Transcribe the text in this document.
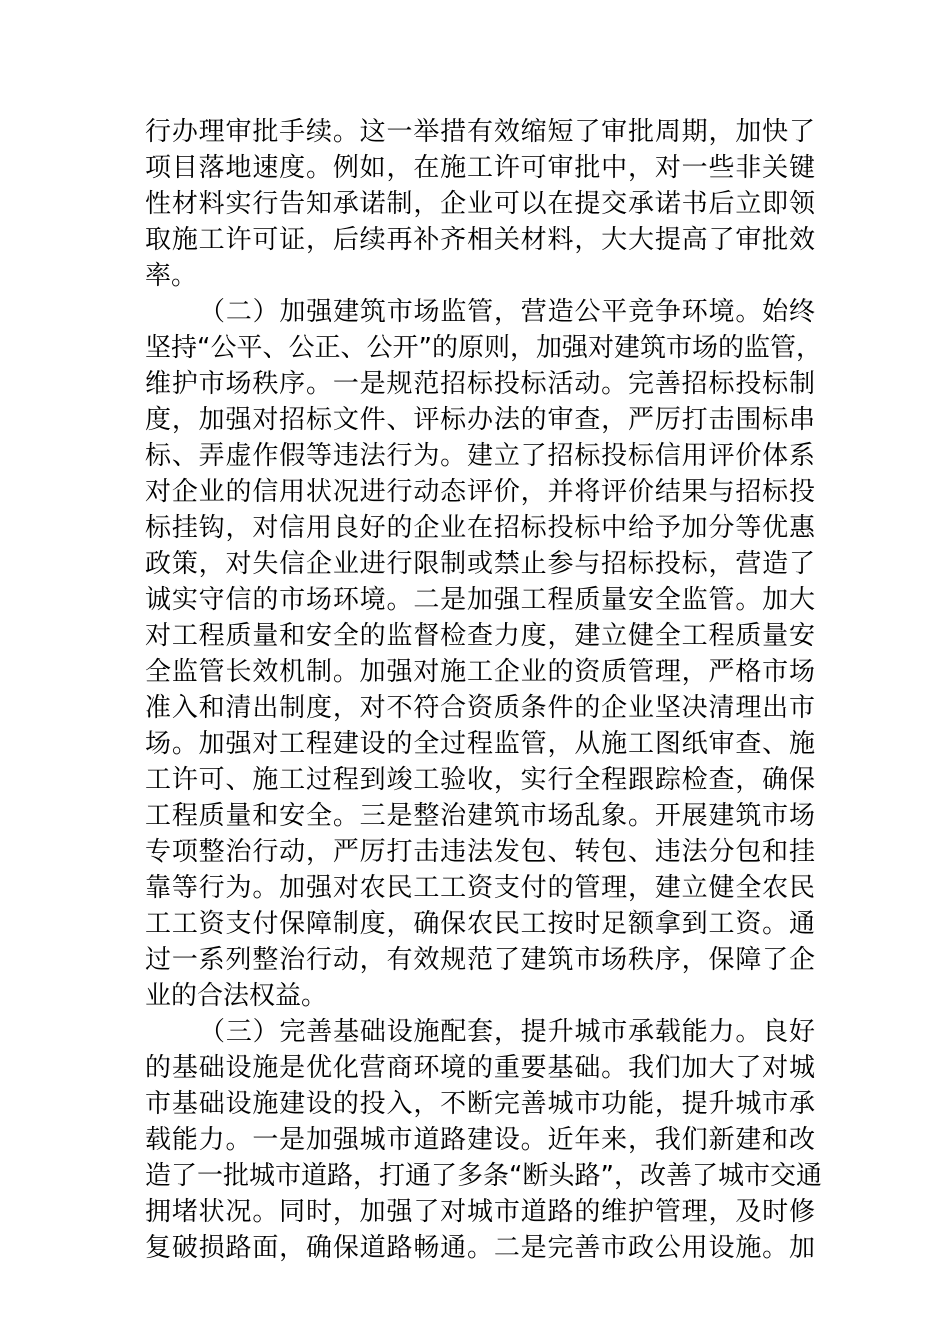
行办理审批手续。这一举措有效缩短了审批周期，加快了
项目落地速度。例如，在施工许可审批中，对一些非关键
性材料实行告知承诺制，企业可以在提交承诺书后立即领
取施工许可证，后续再补齐相关材料，大大提高了审批效
率。
（二）加强建筑市场监管，营造公平竞争环境。始终
坚持“公平、公正、公开”的原则，加强对建筑市场的监管，
维护市场秩序。一是规范招标投标活动。完善招标投标制
度，加强对招标文件、评标办法的审查，严厉打击围标串
标、弄虚作假等违法行为。建立了招标投标信用评价体系
对企业的信用状况进行动态评价，并将评价结果与招标投
标挂钩，对信用良好的企业在招标投标中给予加分等优惠
政策，对失信企业进行限制或禁止参与招标投标，营造了
诚实守信的市场环境。二是加强工程质量安全监管。加大
对工程质量和安全的监督检查力度，建立健全工程质量安
全监管长效机制。加强对施工企业的资质管理，严格市场
准入和清出制度，对不符合资质条件的企业坚决清理出市
场。加强对工程建设的全过程监管，从施工图纸审查、施
工许可、施工过程到竣工验收，实行全程跟踪检查，确保
工程质量和安全。三是整治建筑市场乱象。开展建筑市场
专项整治行动，严厉打击违法发包、转包、违法分包和挂
靠等行为。加强对农民工工资支付的管理，建立健全农民
工工资支付保障制度，确保农民工按时足额拿到工资。通
过一系列整治行动，有效规范了建筑市场秩序，保障了企
业的合法权益。
（三）完善基础设施配套，提升城市承载能力。良好
的基础设施是优化营商环境的重要基础。我们加大了对城
市基础设施建设的投入，不断完善城市功能，提升城市承
载能力。一是加强城市道路建设。近年来，我们新建和改
造了一批城市道路，打通了多条“断头路”，改善了城市交通
拥堵状况。同时，加强了对城市道路的维护管理，及时修
复破损路面，确保道路畅通。二是完善市政公用设施。加
